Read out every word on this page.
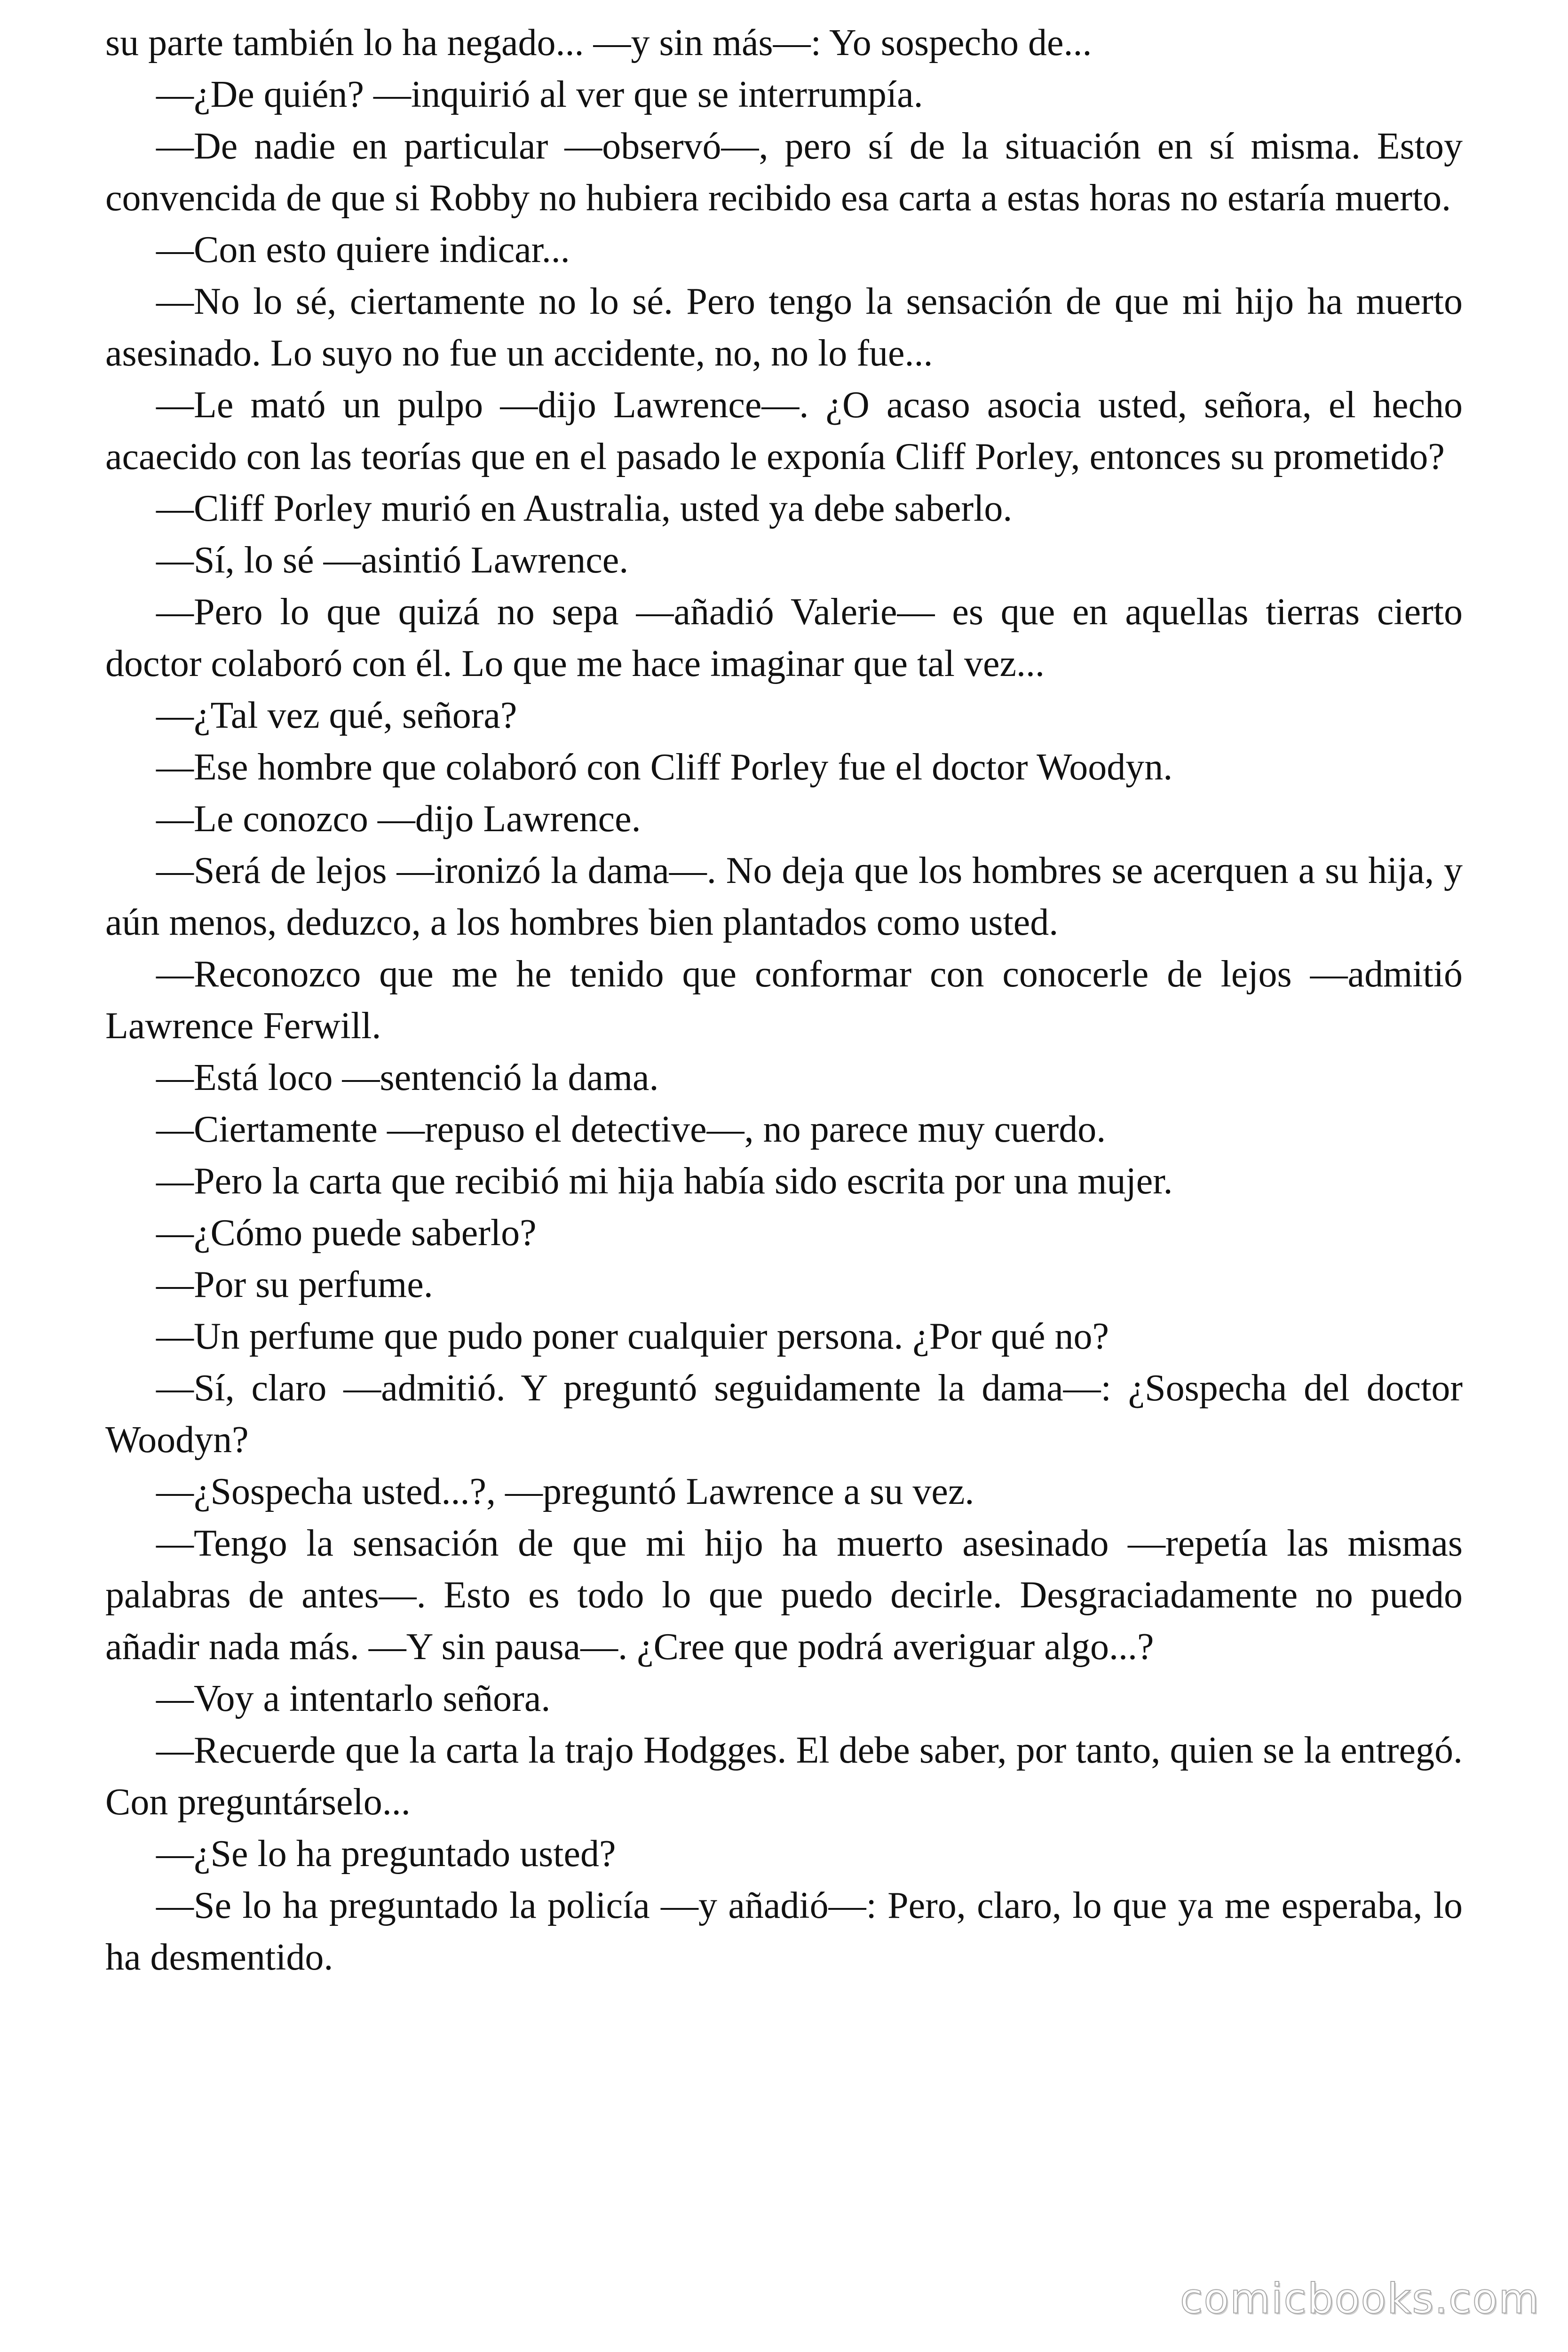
su parte también lo ha negado... —y sin más—: Yo sospecho de...

—¿De quién? —inquirió al ver que se interrumpía.

—De nadie en particular —observó—, pero sí de la situación en sí misma. Estoy convencida de que si Robby no hubiera recibido esa carta a estas horas no estaría muerto.

—Con esto quiere indicar...

—No lo sé, ciertamente no lo sé. Pero tengo la sensación de que mi hijo ha muerto asesinado. Lo suyo no fue un accidente, no, no lo fue...

—Le mató un pulpo —dijo Lawrence—. ¿O acaso asocia usted, señora, el hecho acaecido con las teorías que en el pasado le exponía Cliff Porley, entonces su prometido?

—Cliff Porley murió en Australia, usted ya debe saberlo.

—Sí, lo sé —asintió Lawrence.

—Pero lo que quizá no sepa —añadió Valerie— es que en aquellas tierras cierto doctor colaboró con él. Lo que me hace imaginar que tal vez...

—¿Tal vez qué, señora?

—Ese hombre que colaboró con Cliff Porley fue el doctor Woodyn.

—Le conozco —dijo Lawrence.

—Será de lejos —ironizó la dama—. No deja que los hombres se acerquen a su hija, y aún menos, deduzco, a los hombres bien plantados como usted.

—Reconozco que me he tenido que conformar con conocerle de lejos —admitió Lawrence Ferwill.

—Está loco —sentenció la dama.

—Ciertamente —repuso el detective—, no parece muy cuerdo.

—Pero la carta que recibió mi hija había sido escrita por una mujer.

—¿Cómo puede saberlo?

—Por su perfume.

—Un perfume que pudo poner cualquier persona. ¿Por qué no?

—Sí, claro —admitió. Y preguntó seguidamente la dama—: ¿Sospecha del doctor Woodyn?

—¿Sospecha usted...?, —preguntó Lawrence a su vez.

—Tengo la sensación de que mi hijo ha muerto asesinado —repetía las mismas palabras de antes—. Esto es todo lo que puedo decirle. Desgraciadamente no puedo añadir nada más. —Y sin pausa—. ¿Cree que podrá averiguar algo...?

—Voy a intentarlo señora.

—Recuerde que la carta la trajo Hodgges. El debe saber, por tanto, quien se la entregó. Con preguntárselo...

—¿Se lo ha preguntado usted?

—Se lo ha preguntado la policía —y añadió—: Pero, claro, lo que ya me esperaba, lo ha desmentido.

comicbooks.com
